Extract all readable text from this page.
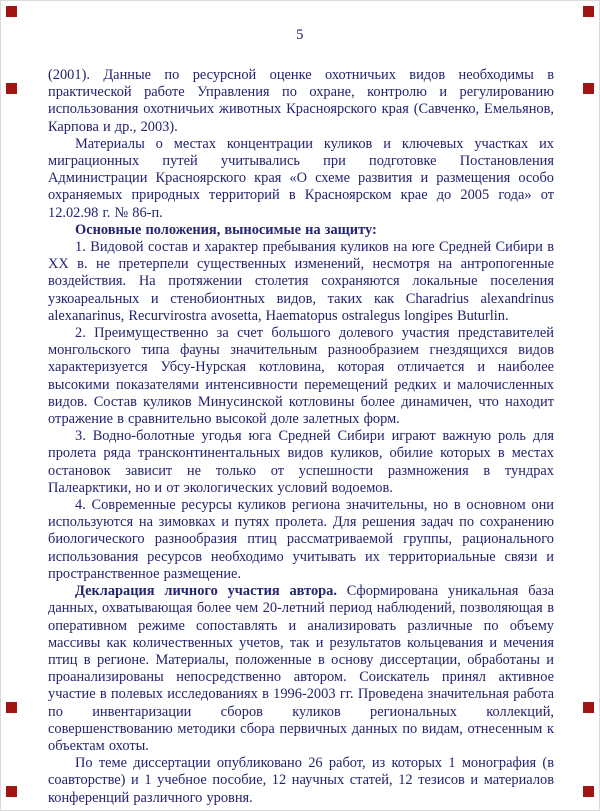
5

(2001). Данные по ресурсной оценке охотничьих видов необходимы в практической работе Управления по охране, контролю и регулированию использования охотничьих животных Красноярского края (Савченко, Емельянов, Карпова и др., 2003).

Материалы о местах концентрации куликов и ключевых участках их миграционных путей учитывались при подготовке Постановления Администрации Красноярского края «О схеме развития и размещения особо охраняемых природных территорий в Красноярском крае до 2005 года» от 12.02.98 г. № 86-п.

Основные положения, выносимые на защиту:

1. Видовой состав и характер пребывания куликов на юге Средней Сибири в XX в. не претерпели существенных изменений, несмотря на антропогенные воздействия. На протяжении столетия сохраняются локальные поселения узкоареальных и стенобионтных видов, таких как Charadrius alexandrinus alexanarinus, Recurvirostra avosetta, Haematopus ostralegus longipes Buturlin.

2. Преимущественно за счет большого долевого участия представителей монгольского типа фауны значительным разнообразием гнездящихся видов характеризуется Убсу-Нурская котловина, которая отличается и наиболее высокими показателями интенсивности перемещений редких и малочисленных видов. Состав куликов Минусинской котловины более динамичен, что находит отражение в сравнительно высокой доле залетных форм.

3. Водно-болотные угодья юга Средней Сибири играют важную роль для пролета ряда трансконтинентальных видов куликов, обилие которых в местах остановок зависит не только от успешности размножения в тундрах Палеарктики, но и от экологических условий водоемов.

4. Современные ресурсы куликов региона значительны, но в основном они используются на зимовках и путях пролета. Для решения задач по сохранению биологического разнообразия птиц рассматриваемой группы, рационального использования ресурсов необходимо учитывать их территориальные связи и пространственное размещение.

Декларация личного участия автора. Сформирована уникальная база данных, охватывающая более чем 20-летний период наблюдений, позволяющая в оперативном режиме сопоставлять и анализировать различные по объему массивы как количественных учетов, так и результатов кольцевания и мечения птиц в регионе. Материалы, положенные в основу диссертации, обработаны и проанализированы непосредственно автором. Соискатель принял активное участие в полевых исследованиях в 1996-2003 гг. Проведена значительная работа по инвентаризации сборов куликов региональных коллекций, совершенствованию методики сбора первичных данных по видам, отнесенным к объектам охоты.

По теме диссертации опубликовано 26 работ, из которых 1 монография (в соавторстве) и 1 учебное пособие, 12 научных статей, 12 тезисов и материалов конференций различного уровня.
